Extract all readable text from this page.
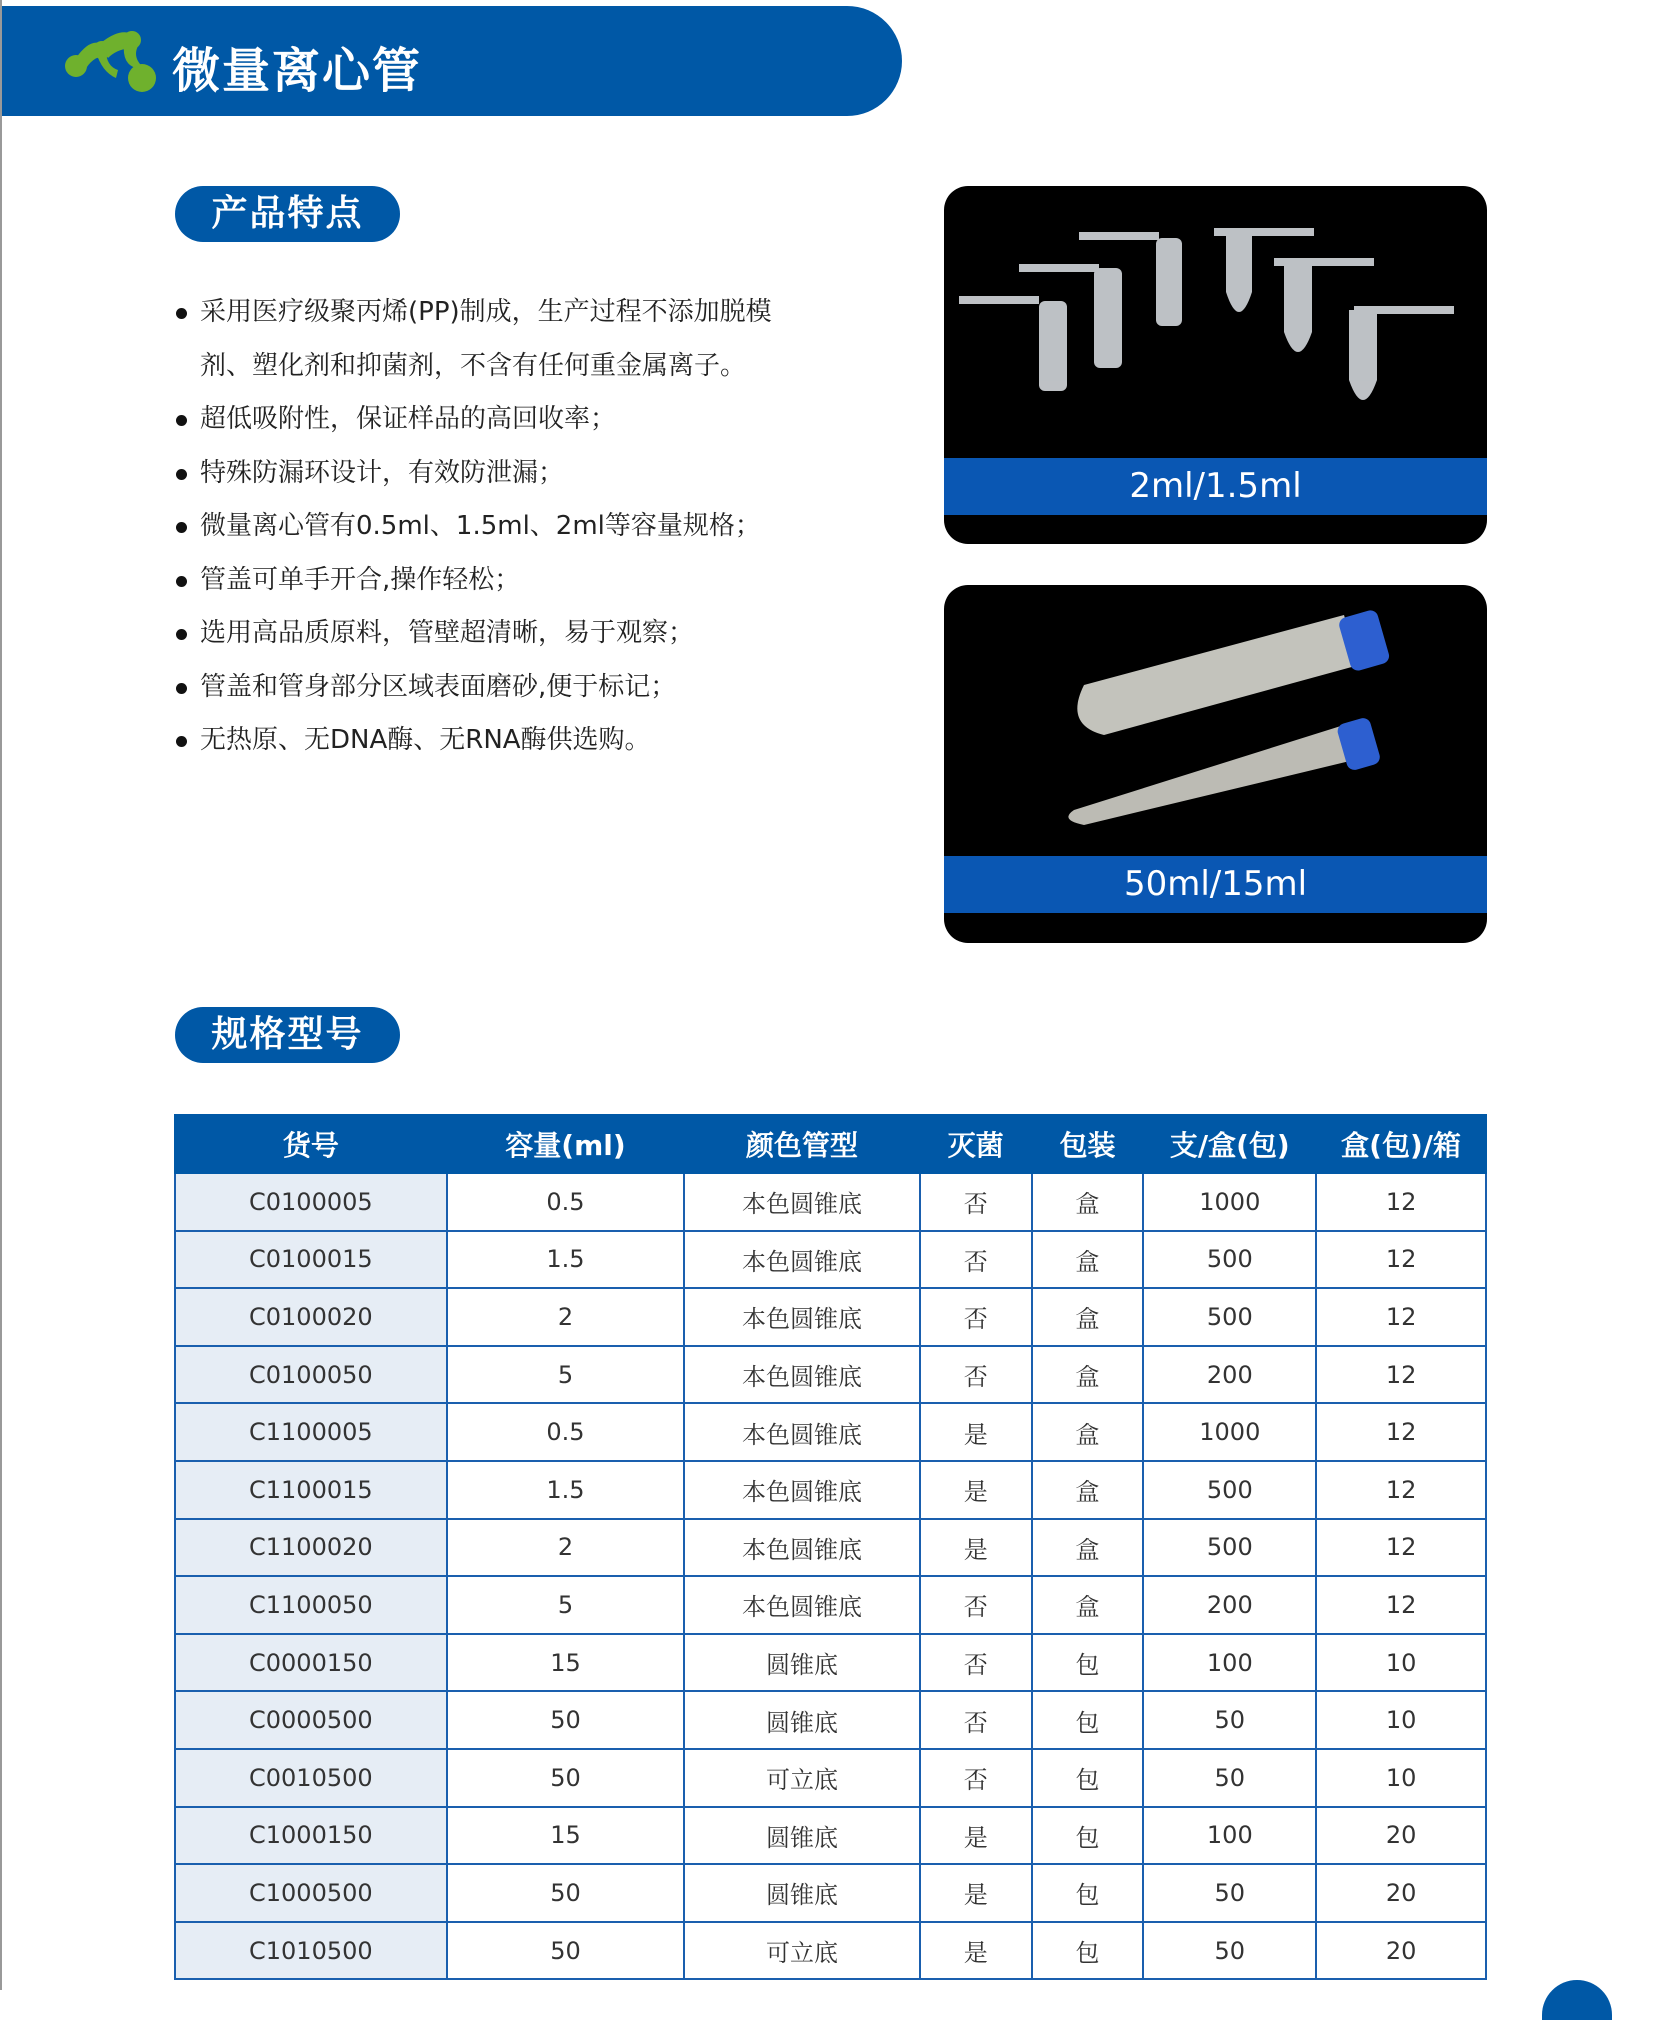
微量离心管
产品特点
采用医疗级聚丙烯(PP)制成，生产过程不添加脱模剂、塑化剂和抑菌剂，不含有任何重金属离子。
超低吸附性，保证样品的高回收率；
特殊防漏环设计，有效防泄漏；
微量离心管有0.5ml、1.5ml、2ml等容量规格；
管盖可单手开合,操作轻松；
选用高品质原料，管壁超清晰，易于观察；
管盖和管身部分区域表面磨砂,便于标记；
无热原、无DNA酶、无RNA酶供选购。
2ml/1.5ml
50ml/15ml
规格型号
货号	容量(ml)	颜色管型	灭菌	包装	支/盒(包)	盒(包)/箱
C0100005	0.5	本色圆锥底	否	盒	1000	12
C0100015	1.5	本色圆锥底	否	盒	500	12
C0100020	2	本色圆锥底	否	盒	500	12
C0100050	5	本色圆锥底	否	盒	200	12
C1100005	0.5	本色圆锥底	是	盒	1000	12
C1100015	1.5	本色圆锥底	是	盒	500	12
C1100020	2	本色圆锥底	是	盒	500	12
C1100050	5	本色圆锥底	否	盒	200	12
C0000150	15	圆锥底	否	包	100	10
C0000500	50	圆锥底	否	包	50	10
C0010500	50	可立底	否	包	50	10
C1000150	15	圆锥底	是	包	100	20
C1000500	50	圆锥底	是	包	50	20
C1010500	50	可立底	是	包	50	20
